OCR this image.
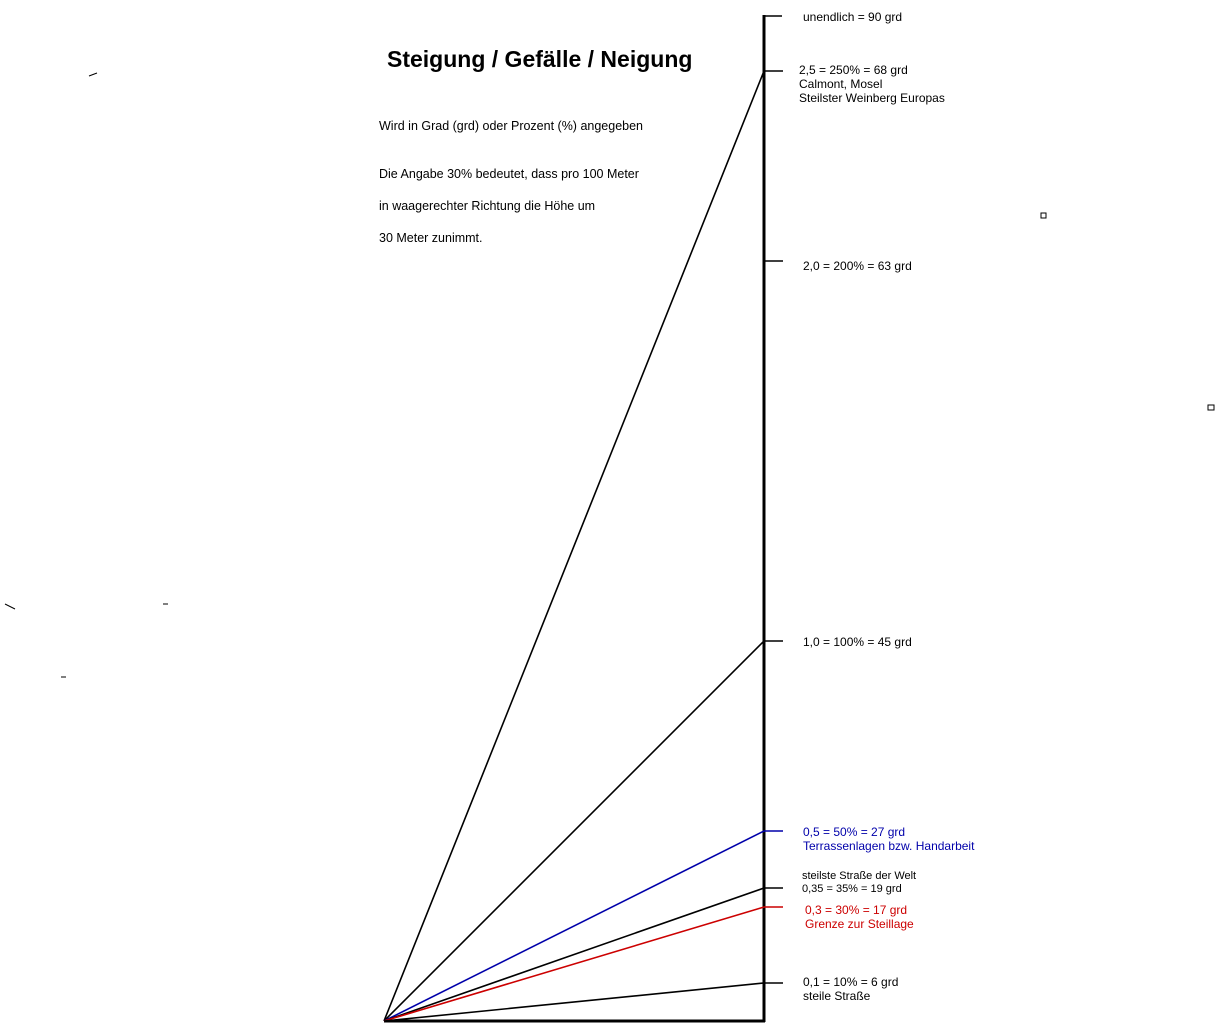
Steigung / Gefälle / Neigung
Wird in Grad (grd) oder Prozent (%) angegeben
Die Angabe 30% bedeutet, dass pro 100 Meter
in waagerechter Richtung die Höhe um
30 Meter zunimmt.
unendlich = 90 grd
2,5 = 250% = 68 grd
Calmont, Mosel
Steilster Weinberg Europas
2,0 = 200% = 63 grd
1,0 = 100% = 45 grd
0,5 = 50% = 27 grd
Terrassenlagen bzw. Handarbeit
steilste Straße der Welt
0,35 = 35% = 19 grd
0,3 = 30% = 17 grd
Grenze zur Steillage
0,1 = 10% = 6 grd
steile Straße
